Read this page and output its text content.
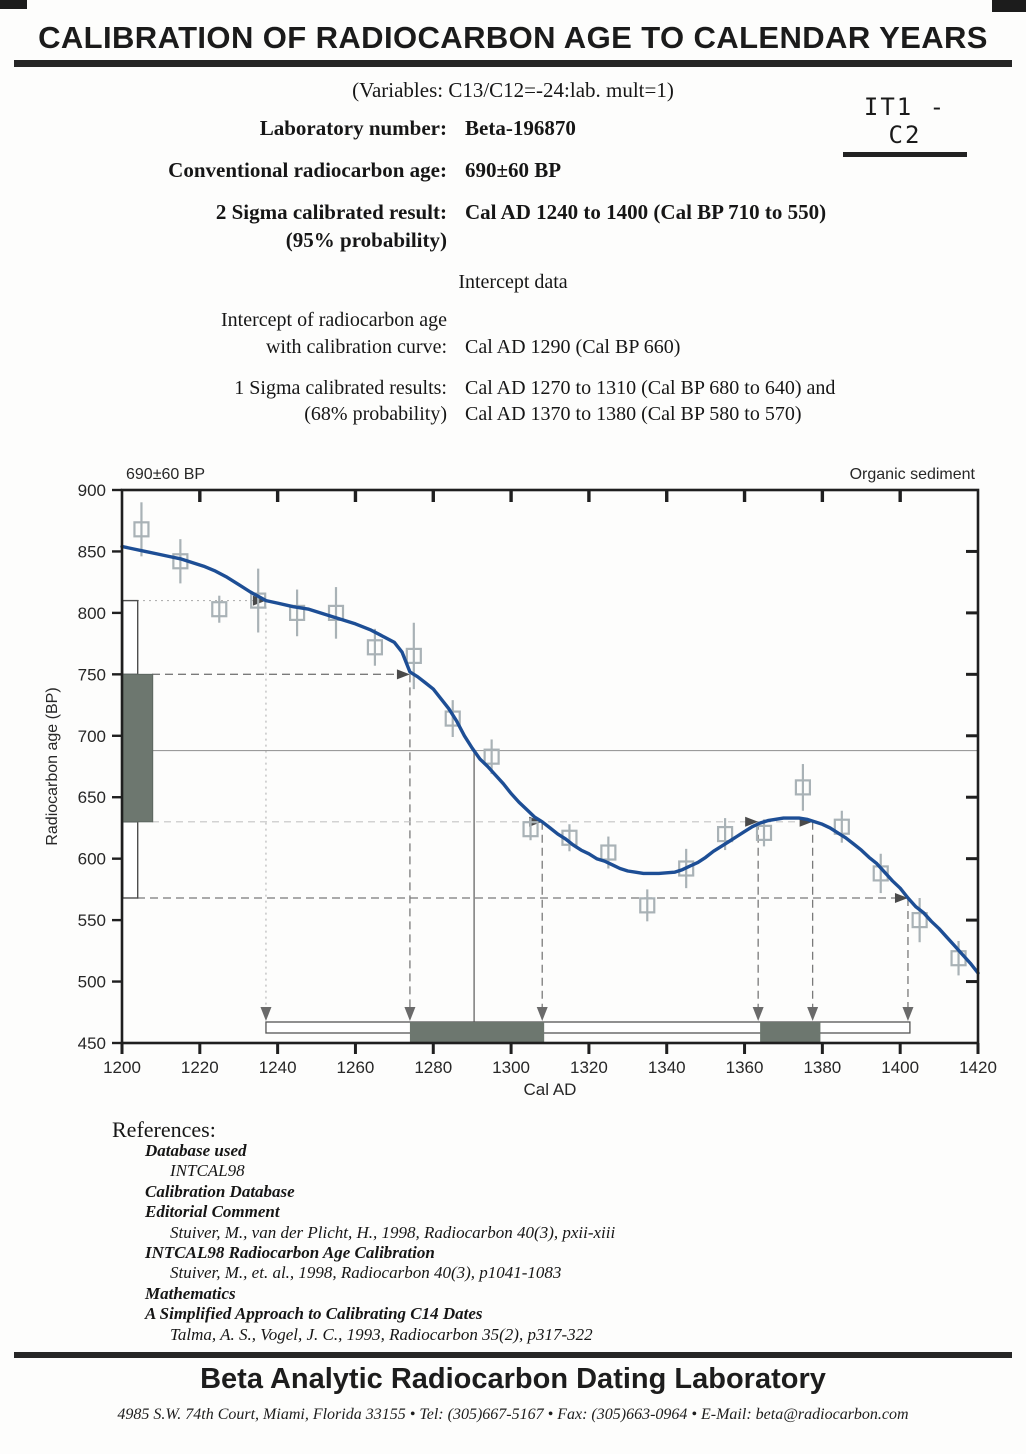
CALIBRATION OF RADIOCARBON AGE TO CALENDAR YEARS
(Variables: C13/C12=-24:lab. mult=1)
IT1 - C2
Laboratory number: Beta-196870
Conventional radiocarbon age: 690±60 BP
2 Sigma calibrated result:
(95% probability)
Cal AD 1240 to 1400 (Cal BP 710 to 550)
Intercept data
Intercept of radiocarbon age
with calibration curve: Cal AD 1290 (Cal BP 660)
1 Sigma calibrated results:
(68% probability)
Cal AD 1270 to 1310 (Cal BP 680 to 640) and
Cal AD 1370 to 1380 (Cal BP 580 to 570)
1200 1220 1240 1260 1280 1300 1320 1340 1360 1380 1400 1420
450
500
550
600
650
700
750
800
850
900
690±60 BP	Organic sediment
Cal AD
Radiocarbon age (BP)
References:
Database used
INTCAL98
Calibration Database
Editorial Comment
Stuiver, M., van der Plicht, H., 1998, Radiocarbon 40(3), pxii-xiii
INTCAL98 Radiocarbon Age Calibration
Stuiver, M., et. al., 1998, Radiocarbon 40(3), p1041-1083
Mathematics
A Simplified Approach to Calibrating C14 Dates
Talma, A. S., Vogel, J. C., 1993, Radiocarbon 35(2), p317-322
Beta Analytic Radiocarbon Dating Laboratory
4985 S.W. 74th Court, Miami, Florida 33155 • Tel: (305)667-5167 • Fax: (305)663-0964 • E-Mail: beta@radiocarbon.com
